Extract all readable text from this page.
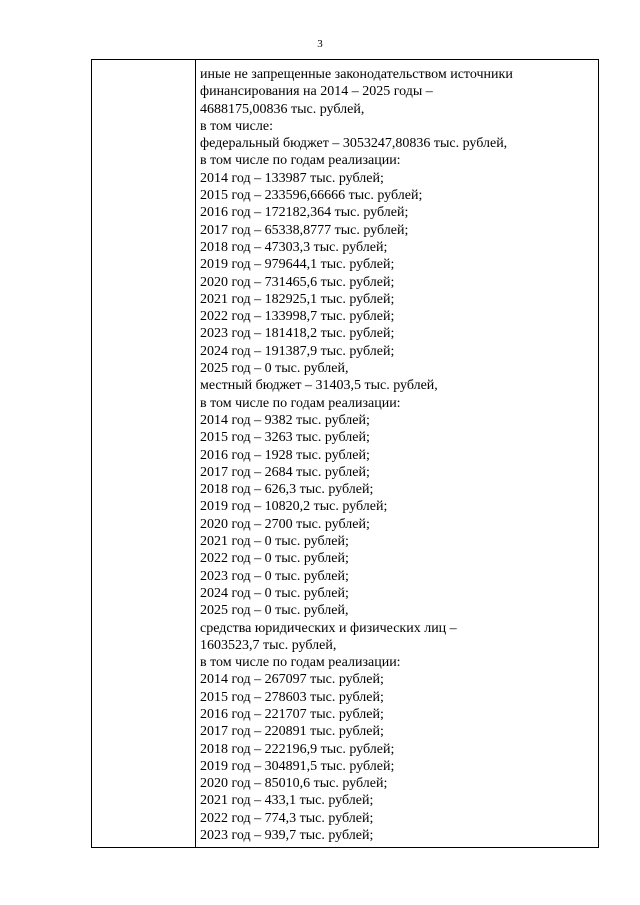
3
иные не запрещенные законодательством источники
финансирования на 2014 – 2025 годы –
4688175,00836 тыс. рублей,
в том числе:
федеральный бюджет – 3053247,80836 тыс. рублей,
в том числе по годам реализации:
2014 год – 133987 тыс. рублей;
2015 год – 233596,66666 тыс. рублей;
2016 год – 172182,364 тыс. рублей;
2017 год – 65338,8777 тыс. рублей;
2018 год – 47303,3 тыс. рублей;
2019 год – 979644,1 тыс. рублей;
2020 год – 731465,6 тыс. рублей;
2021 год – 182925,1 тыс. рублей;
2022 год – 133998,7 тыс. рублей;
2023 год – 181418,2 тыс. рублей;
2024 год – 191387,9 тыс. рублей;
2025 год – 0 тыс. рублей,
местный бюджет – 31403,5 тыс. рублей,
в том числе по годам реализации:
2014 год – 9382 тыс. рублей;
2015 год – 3263 тыс. рублей;
2016 год – 1928 тыс. рублей;
2017 год – 2684 тыс. рублей;
2018 год – 626,3 тыс. рублей;
2019 год – 10820,2 тыс. рублей;
2020 год – 2700 тыс. рублей;
2021 год – 0 тыс. рублей;
2022 год – 0 тыс. рублей;
2023 год – 0 тыс. рублей;
2024 год – 0 тыс. рублей;
2025 год – 0 тыс. рублей,
средства юридических и физических лиц –
1603523,7 тыс. рублей,
в том числе по годам реализации:
2014 год – 267097 тыс. рублей;
2015 год – 278603 тыс. рублей;
2016 год – 221707 тыс. рублей;
2017 год – 220891 тыс. рублей;
2018 год – 222196,9 тыс. рублей;
2019 год – 304891,5 тыс. рублей;
2020 год – 85010,6 тыс. рублей;
2021 год – 433,1 тыс. рублей;
2022 год – 774,3 тыс. рублей;
2023 год – 939,7 тыс. рублей;
